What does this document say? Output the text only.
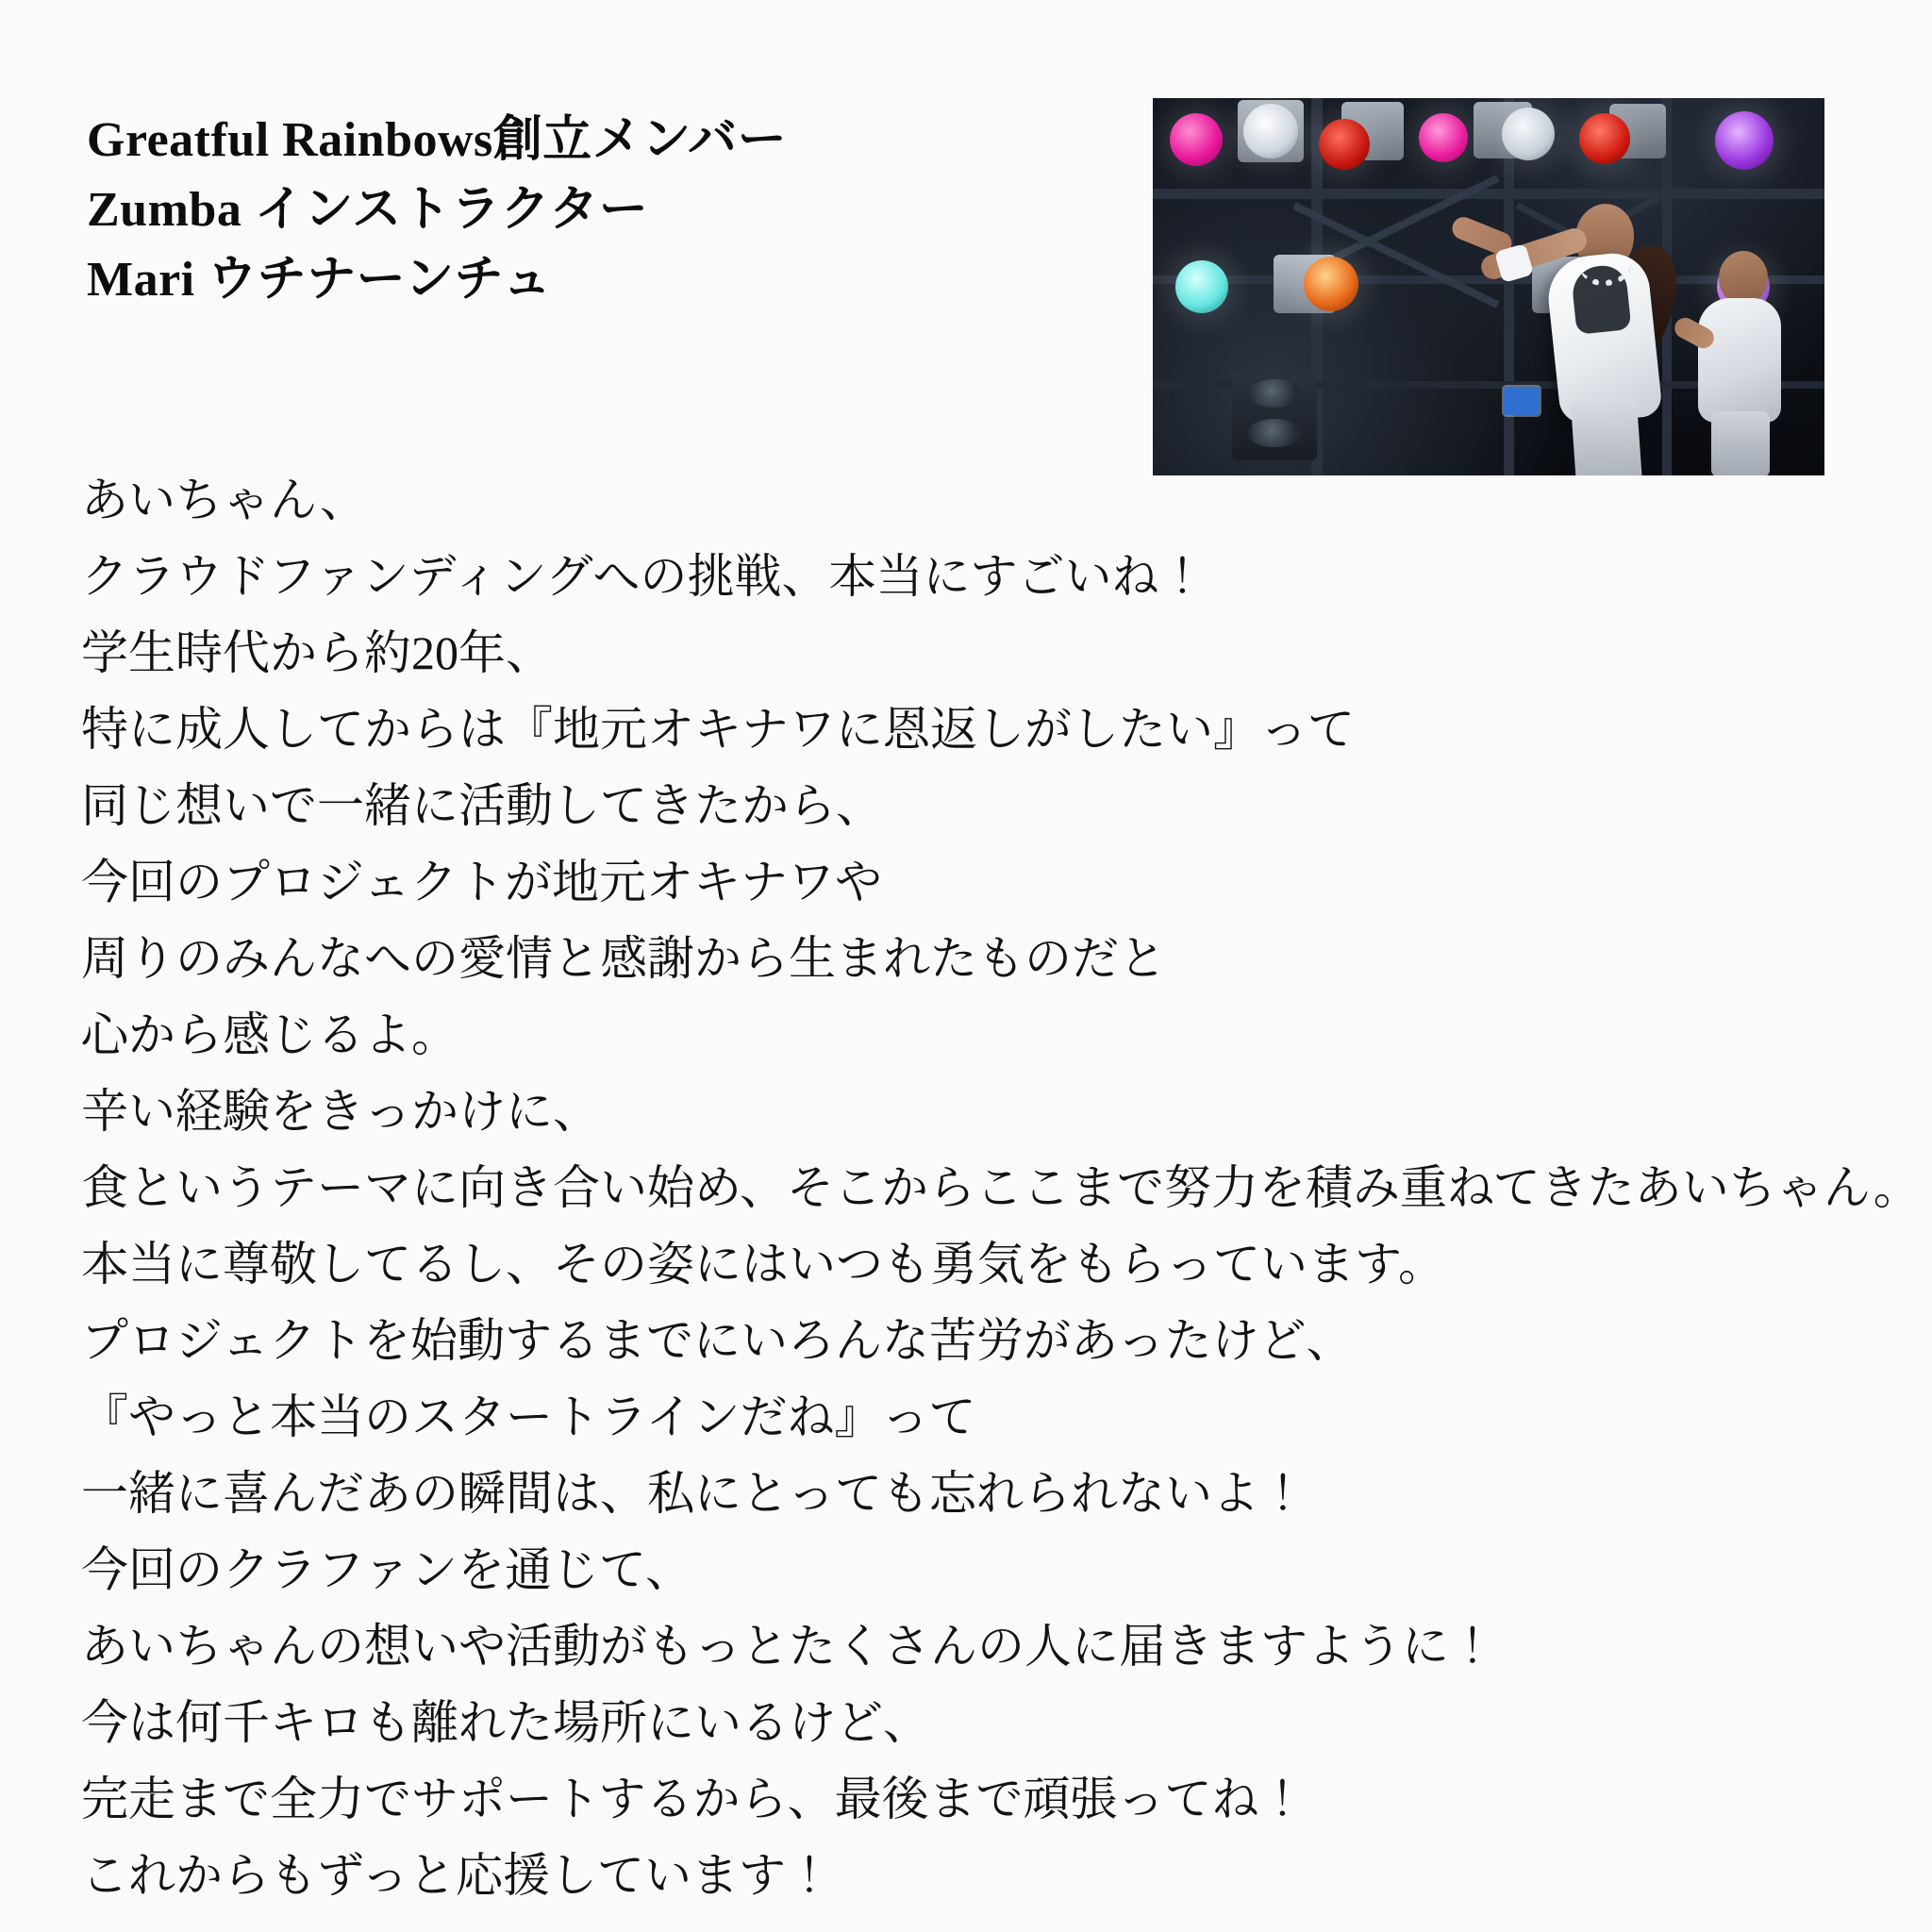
Greatful Rainbows創立メンバー
Zumba インストラクター
Mari ウチナーンチュ
あいちゃん、
クラウドファンディングへの挑戦、本当にすごいね！
学生時代から約20年、
特に成人してからは『地元オキナワに恩返しがしたい』って
同じ想いで一緒に活動してきたから、
今回のプロジェクトが地元オキナワや
周りのみんなへの愛情と感謝から生まれたものだと
心から感じるよ。
辛い経験をきっかけに、
食というテーマに向き合い始め、そこからここまで努力を積み重ねてきたあいちゃん。
本当に尊敬してるし、その姿にはいつも勇気をもらっています。
プロジェクトを始動するまでにいろんな苦労があったけど、
『やっと本当のスタートラインだね』って
一緒に喜んだあの瞬間は、私にとっても忘れられないよ！
今回のクラファンを通じて、
あいちゃんの想いや活動がもっとたくさんの人に届きますように！
今は何千キロも離れた場所にいるけど、
完走まで全力でサポートするから、最後まで頑張ってね！
これからもずっと応援しています！
